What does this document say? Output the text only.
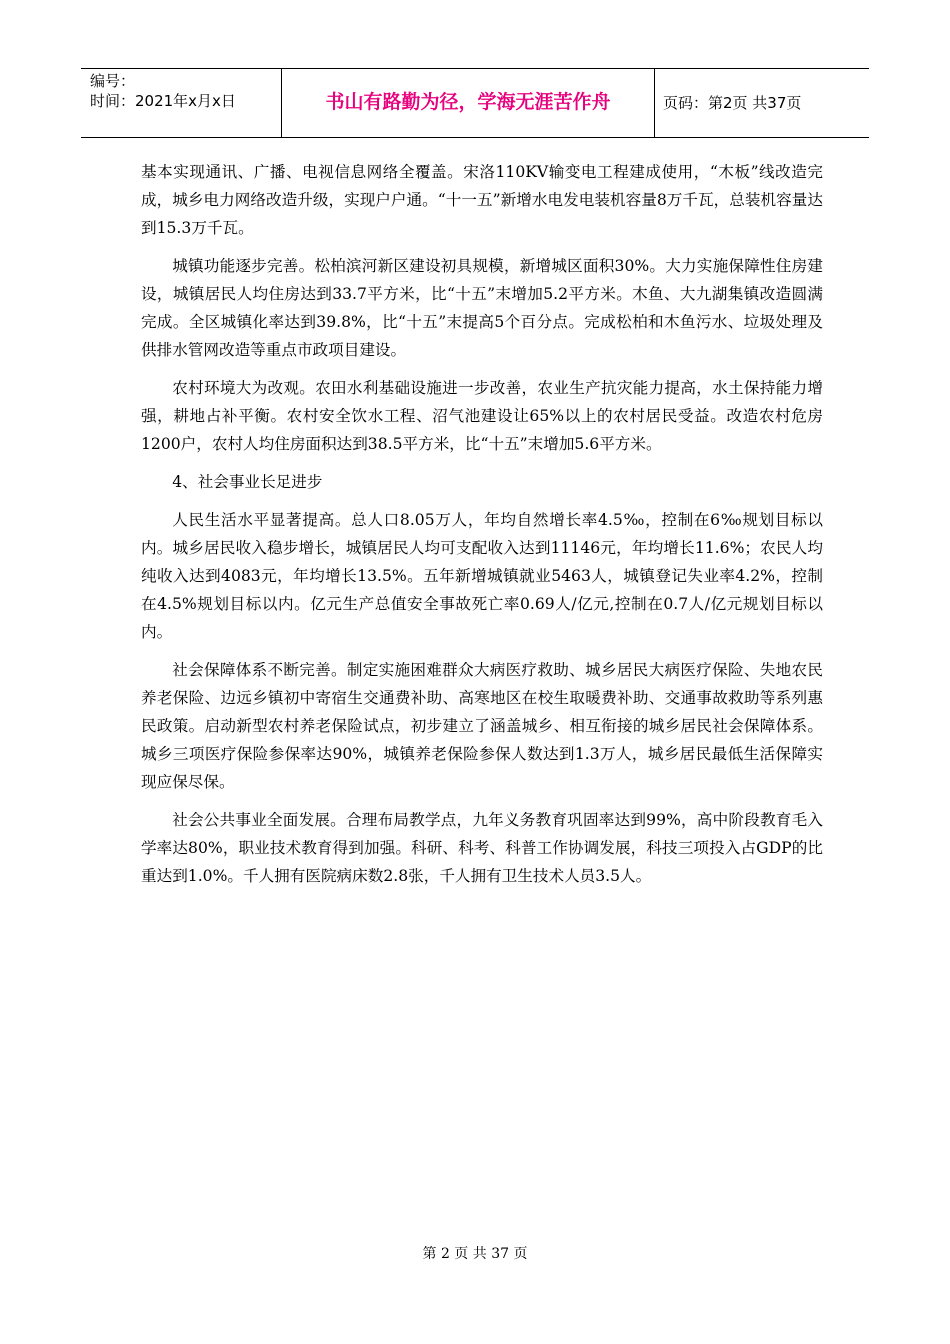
编号：
时间：2021年x月x日	书山有路勤为径，学海无涯苦作舟	页码：第2页 共37页

基本实现通讯、广播、电视信息网络全覆盖。宋洛110KV输变电工程建成使用，“木板”线改造完成，城乡电力网络改造升级，实现户户通。“十一五”新增水电发电装机容量8万千瓦，总装机容量达到15.3万千瓦。

城镇功能逐步完善。松柏滨河新区建设初具规模，新增城区面积30%。大力实施保障性住房建设，城镇居民人均住房达到33.7平方米，比“十五”末增加5.2平方米。木鱼、大九湖集镇改造圆满完成。全区城镇化率达到39.8%，比“十五”末提高5个百分点。完成松柏和木鱼污水、垃圾处理及供排水管网改造等重点市政项目建设。

农村环境大为改观。农田水利基础设施进一步改善，农业生产抗灾能力提高，水土保持能力增强，耕地占补平衡。农村安全饮水工程、沼气池建设让65%以上的农村居民受益。改造农村危房1200户，农村人均住房面积达到38.5平方米，比“十五”末增加5.6平方米。

4、社会事业长足进步

人民生活水平显著提高。总人口8.05万人，年均自然增长率4.5‰，控制在6‰规划目标以内。城乡居民收入稳步增长，城镇居民人均可支配收入达到11146元，年均增长11.6%；农民人均纯收入达到4083元，年均增长13.5%。五年新增城镇就业5463人，城镇登记失业率4.2%，控制在4.5%规划目标以内。亿元生产总值安全事故死亡率0.69人/亿元,控制在0.7人/亿元规划目标以内。

社会保障体系不断完善。制定实施困难群众大病医疗救助、城乡居民大病医疗保险、失地农民养老保险、边远乡镇初中寄宿生交通费补助、高寒地区在校生取暖费补助、交通事故救助等系列惠民政策。启动新型农村养老保险试点，初步建立了涵盖城乡、相互衔接的城乡居民社会保障体系。城乡三项医疗保险参保率达90%，城镇养老保险参保人数达到1.3万人，城乡居民最低生活保障实现应保尽保。

社会公共事业全面发展。合理布局教学点，九年义务教育巩固率达到99%，高中阶段教育毛入学率达80%，职业技术教育得到加强。科研、科考、科普工作协调发展，科技三项投入占GDP的比重达到1.0%。千人拥有医院病床数2.8张，千人拥有卫生技术人员3.5人。

第 2 页 共 37 页
